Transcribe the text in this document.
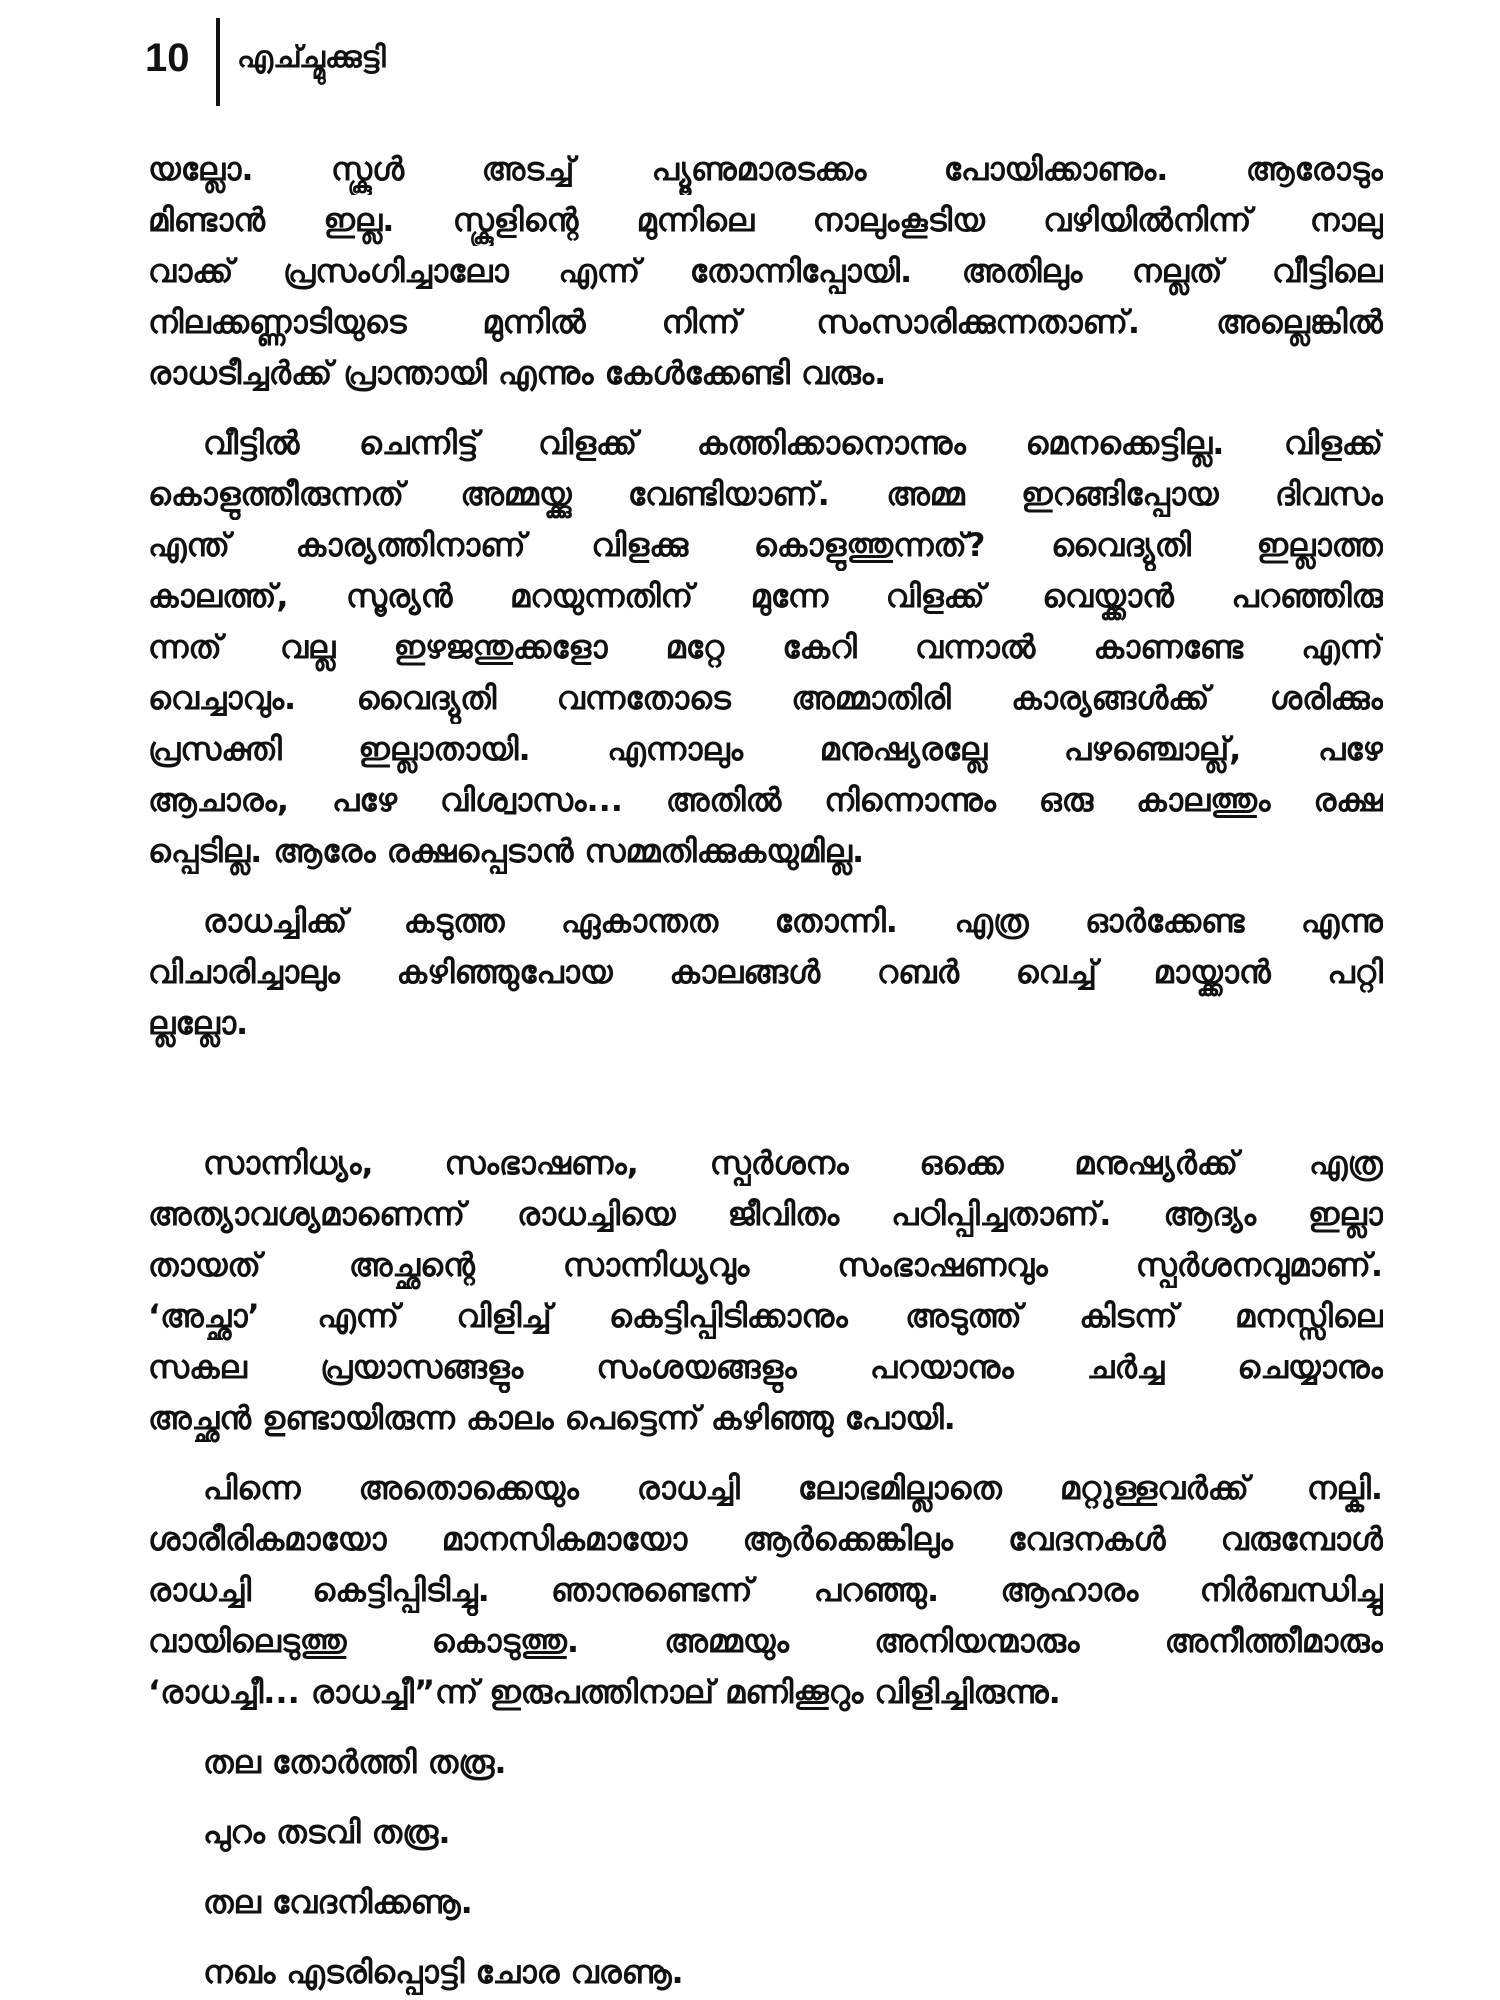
10 എച്ച്മുക്കുട്ടി
യല്ലോ. സ്കൂൾ അടച്ച് പ്യൂണുമാരടക്കം പോയിക്കാണും. ആരോടും
മിണ്ടാൻ ഇല്ല. സ്കൂളിന്റെ മുന്നിലെ നാലുംകൂടിയ വഴിയിൽനിന്ന് നാലു
വാക്ക് പ്രസംഗിച്ചാലോ എന്ന് തോന്നിപ്പോയി. അതിലും നല്ലത് വീട്ടിലെ
നിലക്കണ്ണാടിയുടെ മുന്നിൽ നിന്ന് സംസാരിക്കുന്നതാണ്. അല്ലെങ്കിൽ
രാധടീച്ചർക്ക് പ്രാന്തായി എന്നും കേൾക്കേണ്ടി വരും.
വീട്ടിൽ ചെന്നിട്ട് വിളക്ക് കത്തിക്കാനൊന്നും മെനക്കെട്ടില്ല. വിളക്ക്
കൊളുത്തീരുന്നത് അമ്മയ്ക്കു വേണ്ടിയാണ്. അമ്മ ഇറങ്ങിപ്പോയ ദിവസം
എന്ത് കാര്യത്തിനാണ് വിളക്കു കൊളുത്തുന്നത്? വൈദ്യുതി ഇല്ലാത്ത
കാലത്ത്, സൂര്യൻ മറയുന്നതിന് മുന്നേ വിളക്ക് വെയ്ക്കാൻ പറഞ്ഞിരു
ന്നത് വല്ല ഇഴജന്തുക്കളോ മറ്റേ കേറി വന്നാൽ കാണണ്ടേ എന്ന്
വെച്ചാവും. വൈദ്യുതി വന്നതോടെ അമ്മാതിരി കാര്യങ്ങൾക്ക് ശരിക്കും
പ്രസക്തി ഇല്ലാതായി. എന്നാലും മനുഷ്യരല്ലേ പഴഞ്ചൊല്ല്, പഴേ
ആചാരം, പഴേ വിശ്വാസം... അതിൽ നിന്നൊന്നും ഒരു കാലത്തും രക്ഷ
പ്പെടില്ല. ആരേം രക്ഷപ്പെടാൻ സമ്മതിക്കുകയുമില്ല.
രാധച്ചിക്ക് കടുത്ത ഏകാന്തത തോന്നി. എത്ര ഓർക്കേണ്ട എന്നു
വിചാരിച്ചാലും കഴിഞ്ഞുപോയ കാലങ്ങൾ റബർ വെച്ച് മായ്ക്കാൻ പറ്റി
ല്ലല്ലോ.
സാന്നിധ്യം, സംഭാഷണം, സ്പർശനം ഒക്കെ മനുഷ്യർക്ക് എത്ര
അത്യാവശ്യമാണെന്ന് രാധച്ചിയെ ജീവിതം പഠിപ്പിച്ചതാണ്. ആദ്യം ഇല്ലാ
തായത് അച്ഛന്റെ സാന്നിധ്യവും സംഭാഷണവും സ്പർശനവുമാണ്.
‘അച്ഛാ’ എന്ന് വിളിച്ച് കെട്ടിപ്പിടിക്കാനും അടുത്ത് കിടന്ന് മനസ്സിലെ
സകല പ്രയാസങ്ങളും സംശയങ്ങളും പറയാനും ചർച്ച ചെയ്യാനും
അച്ഛൻ ഉണ്ടായിരുന്ന കാലം പെട്ടെന്ന് കഴിഞ്ഞു പോയി.
പിന്നെ അതൊക്കെയും രാധച്ചി ലോഭമില്ലാതെ മറ്റുള്ളവർക്ക് നല്കി.
ശാരീരികമായോ മാനസികമായോ ആർക്കെങ്കിലും വേദനകൾ വരുമ്പോൾ
രാധച്ചി കെട്ടിപ്പിടിച്ചു. ഞാനുണ്ടെന്ന് പറഞ്ഞു. ആഹാരം നിർബന്ധിച്ചു
വായിലെടുത്തു കൊടുത്തു. അമ്മയും അനിയന്മാരും അനീത്തീമാരും
‘രാധച്ചീ... രാധച്ചീ”ന്ന് ഇരുപത്തിനാല് മണിക്കൂറും വിളിച്ചിരുന്നു.
തല തോർത്തി തരൂ.
പുറം തടവി തരൂ.
തല വേദനിക്കണൂ.
നഖം എടരിപ്പൊട്ടി ചോര വരണൂ.
